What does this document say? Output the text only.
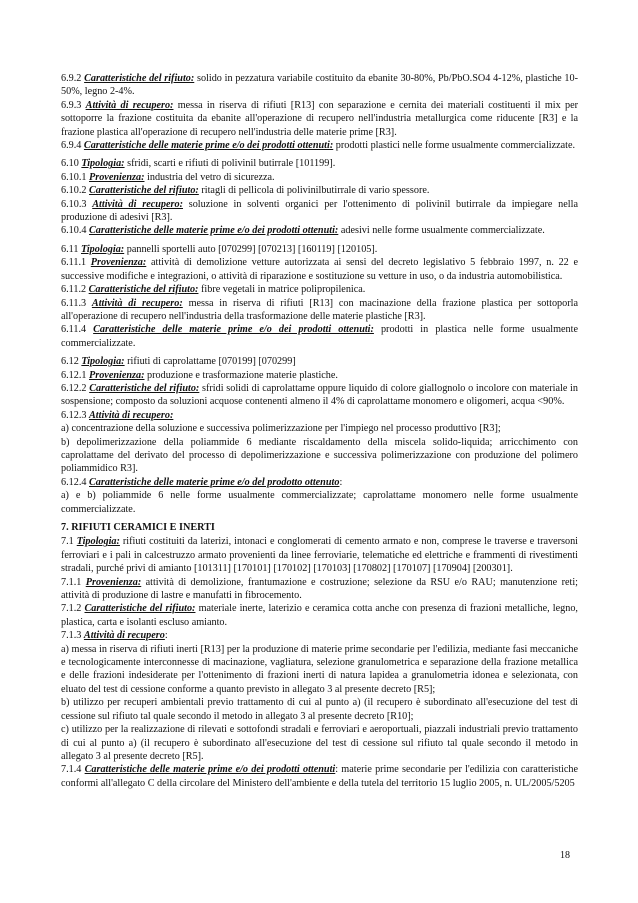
6.9.2 Caratteristiche del rifiuto: solido in pezzatura variabile costituito da ebanite 30-80%, Pb/PbO.SO4 4-12%, plastiche 10-50%, legno 2-4%.

6.9.3 Attività di recupero: messa in riserva di rifiuti [R13] con separazione e cernita dei materiali costituenti il mix per sottoporre la frazione costituita da ebanite all'operazione di recupero nell'industria metallurgica come riducente [R3] e la frazione plastica all'operazione di recupero nell'industria delle materie prime [R3].

6.9.4 Caratteristiche delle materie prime e/o dei prodotti ottenuti: prodotti plastici nelle forme usualmente commercializzate.

6.10 Tipologia: sfridi, scarti e rifiuti di polivinil butirrale [101199].

6.10.1 Provenienza: industria del vetro di sicurezza.

6.10.2 Caratteristiche del rifiuto: ritagli di pellicola di polivinilbutirrale di vario spessore.

6.10.3 Attività di recupero: soluzione in solventi organici per l'ottenimento di polivinil butirrale da impiegare nella produzione di adesivi [R3].

6.10.4 Caratteristiche delle materie prime e/o dei prodotti ottenuti: adesivi nelle forme usualmente commercializzate.

6.11 Tipologia: pannelli sportelli auto [070299] [070213] [160119] [120105].

6.11.1 Provenienza: attività di demolizione vetture autorizzata ai sensi del decreto legislativo 5 febbraio 1997, n. 22 e successive modifiche e integrazioni, o attività di riparazione e sostituzione su vetture in uso, o da industria automobilistica.

6.11.2 Caratteristiche del rifiuto: fibre vegetali in matrice polipropilenica.

6.11.3 Attività di recupero: messa in riserva di rifiuti [R13] con macinazione della frazione plastica per sottoporla all'operazione di recupero nell'industria della trasformazione delle materie plastiche [R3].

6.11.4 Caratteristiche delle materie prime e/o dei prodotti ottenuti: prodotti in plastica nelle forme usualmente commercializzate.

6.12 Tipologia: rifiuti di caprolattame [070199] [070299]

6.12.1 Provenienza: produzione e trasformazione materie plastiche.

6.12.2 Caratteristiche del rifiuto: sfridi solidi di caprolattame oppure liquido di colore giallognolo o incolore con materiale in sospensione; composto da soluzioni acquose contenenti almeno il 4% di caprolattame monomero e oligomeri, acqua <90%.

6.12.3 Attività di recupero:

a) concentrazione della soluzione e successiva polimerizzazione per l'impiego nel processo produttivo [R3];

b) depolimerizzazione della poliammide 6 mediante riscaldamento della miscela solido-liquida; arricchimento con caprolattame del derivato del processo di depolimerizzazione e successiva polimerizzazione con produzione del polimero poliammidico R3].

6.12.4 Caratteristiche delle materie prime e/o del prodotto ottenuto:

a) e b) poliammide 6 nelle forme usualmente commercializzate; caprolattame monomero nelle forme usualmente commercializzate.

7. RIFIUTI CERAMICI E INERTI

7.1 Tipologia: rifiuti costituiti da laterizi, intonaci e conglomerati di cemento armato e non, comprese le traverse e traversoni ferroviari e i pali in calcestruzzo armato provenienti da linee ferroviarie, telematiche ed elettriche e frammenti di rivestimenti stradali, purché privi di amianto [101311] [170101] [170102] [170103] [170802] [170107] [170904] [200301].

7.1.1 Provenienza: attività di demolizione, frantumazione e costruzione; selezione da RSU e/o RAU; manutenzione reti; attività di produzione di lastre e manufatti in fibrocemento.

7.1.2 Caratteristiche del rifiuto: materiale inerte, laterizio e ceramica cotta anche con presenza di frazioni metalliche, legno, plastica, carta e isolanti escluso amianto.

7.1.3 Attività di recupero:

a) messa in riserva di rifiuti inerti [R13] per la produzione di materie prime secondarie per l'edilizia, mediante fasi meccaniche e tecnologicamente interconnesse di macinazione, vagliatura, selezione granulometrica e separazione della frazione metallica e delle frazioni indesiderate per l'ottenimento di frazioni inerti di natura lapidea a granulometria idonea e selezionata, con eluato del test di cessione conforme a quanto previsto in allegato 3 al presente decreto [R5];

b) utilizzo per recuperi ambientali previo trattamento di cui al punto a) (il recupero è subordinato all'esecuzione del test di cessione sul rifiuto tal quale secondo il metodo in allegato 3 al presente decreto [R10];

c) utilizzo per la realizzazione di rilevati e sottofondi stradali e ferroviari e aeroportuali, piazzali industriali previo trattamento di cui al punto a) (il recupero è subordinato all'esecuzione del test di cessione sul rifiuto tal quale secondo il metodo in allegato 3 al presente decreto [R5].

7.1.4 Caratteristiche delle materie prime e/o dei prodotti ottenuti: materie prime secondarie per l'edilizia con caratteristiche conformi all'allegato C della circolare del Ministero dell'ambiente e della tutela del territorio 15 luglio 2005, n. UL/2005/5205

18
